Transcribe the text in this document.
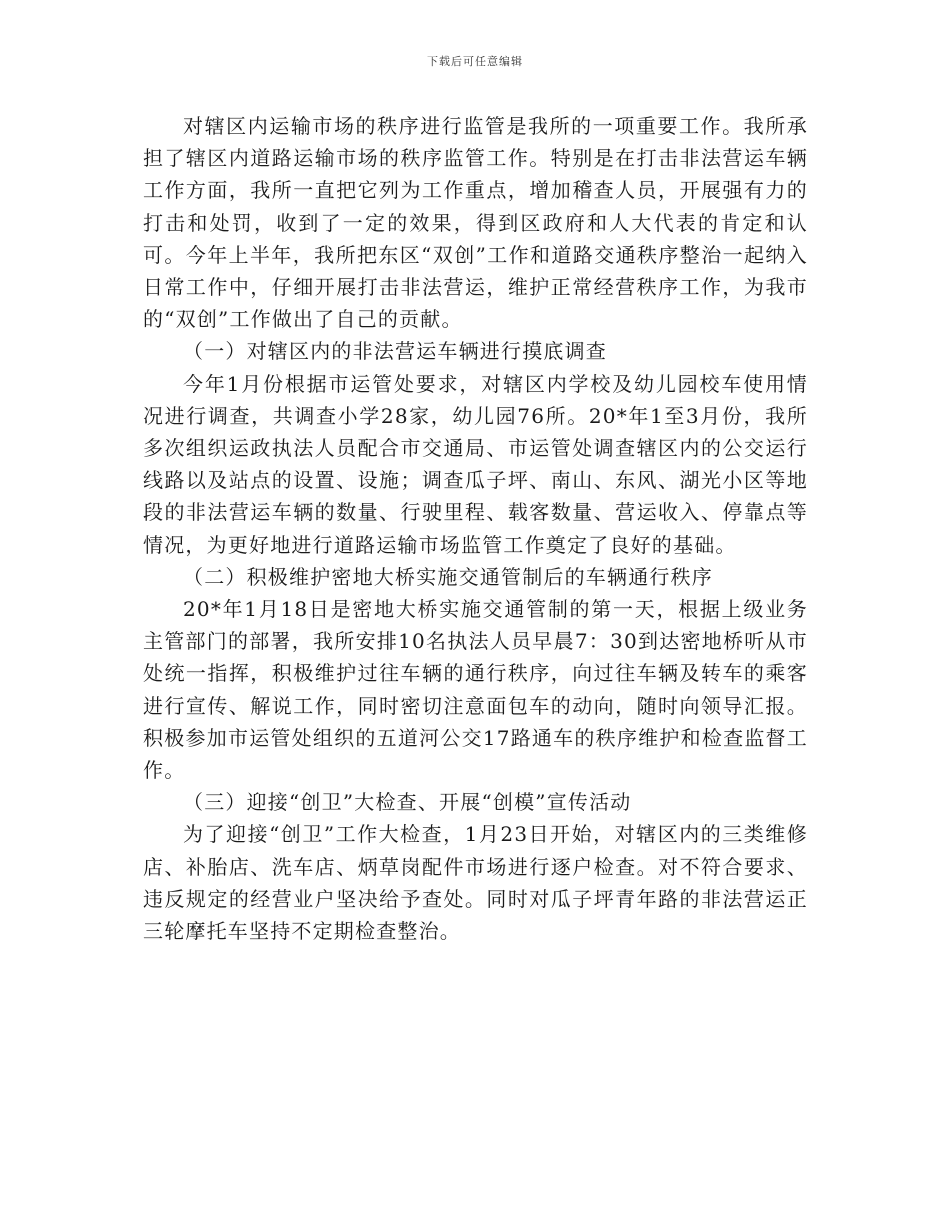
下载后可任意编辑

对辖区内运输市场的秩序进行监管是我所的一项重要工作。我所承担了辖区内道路运输市场的秩序监管工作。特别是在打击非法营运车辆工作方面，我所一直把它列为工作重点，增加稽查人员，开展强有力的打击和处罚，收到了一定的效果，得到区政府和人大代表的肯定和认可。今年上半年，我所把东区“双创”工作和道路交通秩序整治一起纳入日常工作中，仔细开展打击非法营运，维护正常经营秩序工作，为我市的“双创”工作做出了自己的贡献。

（一）对辖区内的非法营运车辆进行摸底调查

今年1月份根据市运管处要求，对辖区内学校及幼儿园校车使用情况进行调查，共调查小学28家，幼儿园76所。20*年1至3月份，我所多次组织运政执法人员配合市交通局、市运管处调查辖区内的公交运行线路以及站点的设置、设施；调查瓜子坪、南山、东风、湖光小区等地段的非法营运车辆的数量、行驶里程、载客数量、营运收入、停靠点等情况，为更好地进行道路运输市场监管工作奠定了良好的基础。

（二）积极维护密地大桥实施交通管制后的车辆通行秩序

20*年1月18日是密地大桥实施交通管制的第一天，根据上级业务主管部门的部署，我所安排10名执法人员早晨7：30到达密地桥听从市处统一指挥，积极维护过往车辆的通行秩序，向过往车辆及转车的乘客进行宣传、解说工作，同时密切注意面包车的动向，随时向领导汇报。积极参加市运管处组织的五道河公交17路通车的秩序维护和检查监督工作。

（三）迎接“创卫”大检查、开展“创模”宣传活动

为了迎接“创卫”工作大检查，1月23日开始，对辖区内的三类维修店、补胎店、洗车店、炳草岗配件市场进行逐户检查。对不符合要求、违反规定的经营业户坚决给予查处。同时对瓜子坪青年路的非法营运正三轮摩托车坚持不定期检查整治。
